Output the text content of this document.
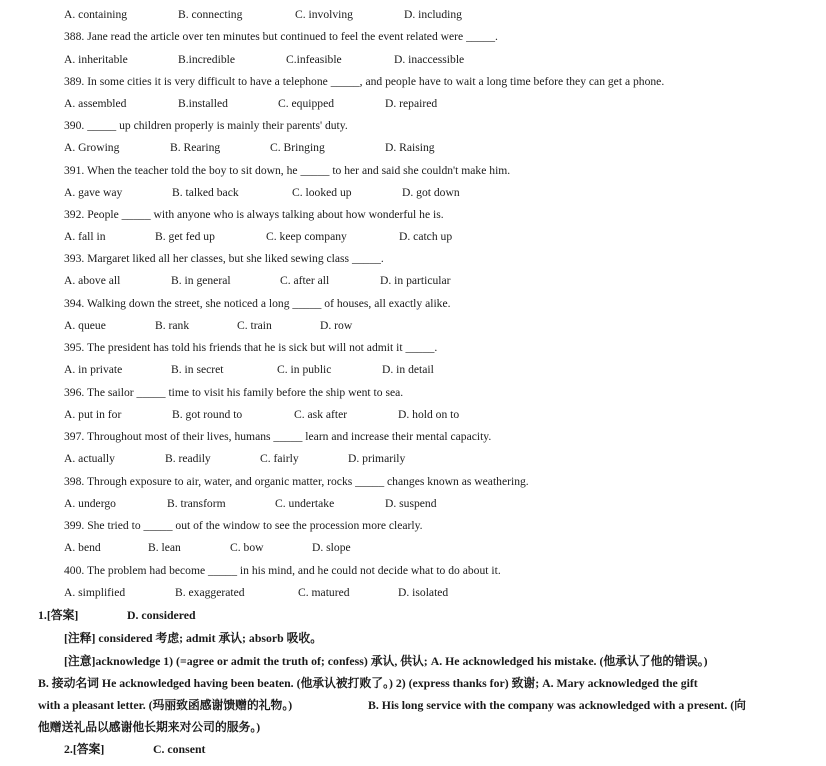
A. containing	B. connecting	C. involving	D. including
388. Jane read the article over ten minutes but continued to feel the event related were _____.
A. inheritable	B.incredible	C.infeasible	D. inaccessible
389. In some cities it is very difficult to have a telephone _____, and people have to wait a long time before they can get a phone.
A. assembled	B.installed	C. equipped	D. repaired
390. _____ up children properly is mainly their parents' duty.
A. Growing	B. Rearing	C. Bringing	D. Raising
391. When the teacher told the boy to sit down, he _____ to her and said she couldn't make him.
A. gave way	B. talked back	C. looked up	D. got down
392. People _____ with anyone who is always talking about how wonderful he is.
A. fall in	B. get fed up	C. keep company	D. catch up
393. Margaret liked all her classes, but she liked sewing class _____.
A. above all	B. in general	C. after all	D. in particular
394. Walking down the street, she noticed a long _____ of houses, all exactly alike.
A. queue	B. rank	C. train	D. row
395. The president has told his friends that he is sick but will not admit it _____.
A. in private	B. in secret	C. in public	D. in detail
396. The sailor _____ time to visit his family before the ship went to sea.
A. put in for	B. got round to	C. ask after	D. hold on to
397. Throughout most of their lives, humans _____ learn and increase their mental capacity.
A. actually	B. readily	C. fairly	D. primarily
398. Through exposure to air, water, and organic matter, rocks _____ changes known as weathering.
A. undergo	B. transform	C. undertake	D. suspend
399. She tried to _____ out of the window to see the procession more clearly.
A. bend	B. lean	C. bow	D. slope
400. The problem had become _____ in his mind, and he could not decide what to do about it.
A. simplified	B. exaggerated	C. matured	D. isolated
1.[答案]	D. considered
[注释] considered 考虑; admit 承认; absorb 吸收。
[注意]acknowledge 1) (=agree or admit the truth of; confess) 承认, 供认; A. He acknowledged his mistake. (他承认了他的错误。)
B. 接动名词 He acknowledged having been beaten. (他承认被打败了。) 2) (express thanks for) 致谢; A. Mary acknowledged the gift
with a pleasant letter. (玛丽致函感谢馈赠的礼物。)	B. His long service with the company was acknowledged with a present. (向
他赠送礼品以感谢他长期来对公司的服务。)
2.[答案]	C. consent
